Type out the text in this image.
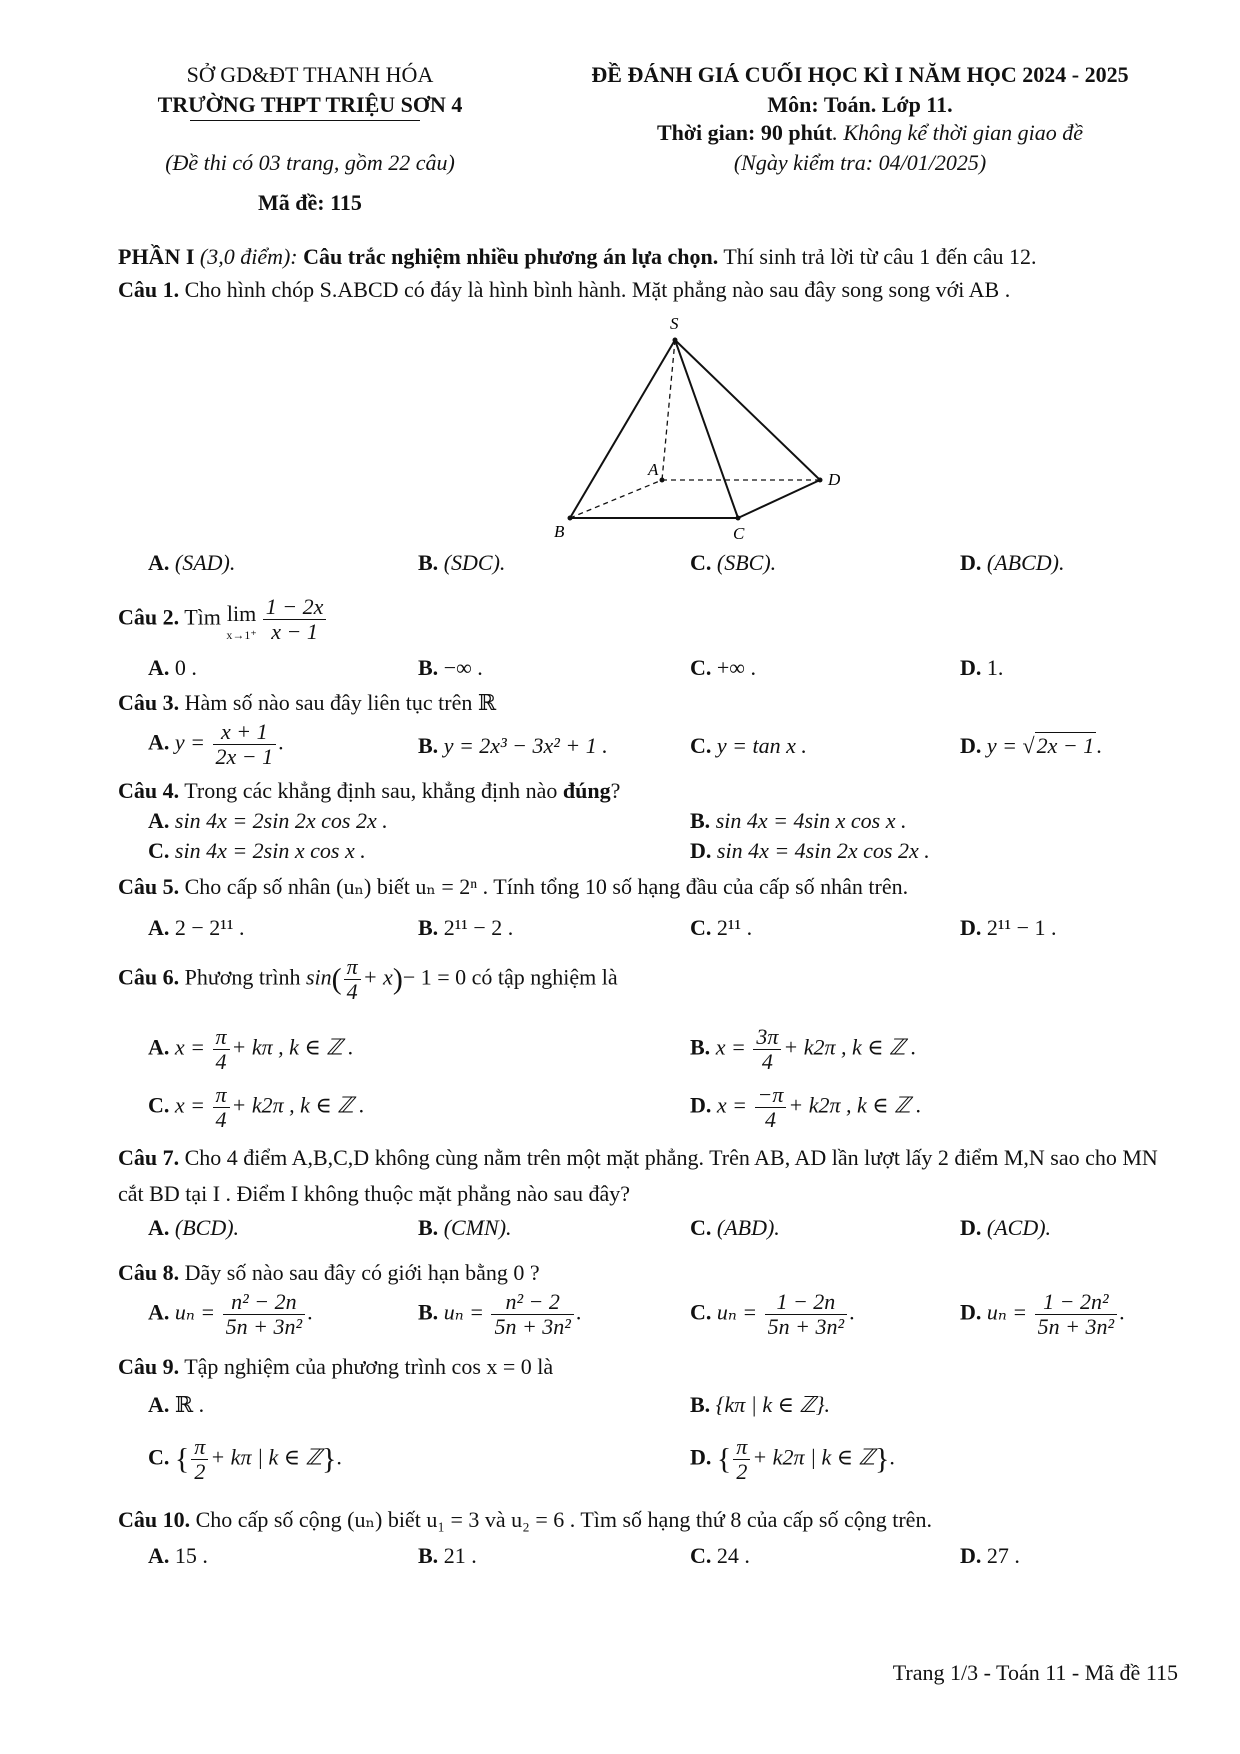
SỞ GD&ĐT THANH HÓA
TRƯỜNG THPT TRIỆU SƠN 4
(Đề thi có 03 trang, gồm 22 câu)
Mã đề: 115
ĐỀ ĐÁNH GIÁ CUỐI HỌC KÌ I NĂM HỌC 2024 - 2025
Môn: Toán. Lớp 11.
Thời gian: 90 phút. Không kể thời gian giao đề
(Ngày kiểm tra: 04/01/2025)
PHẦN I (3,0 điểm): Câu trắc nghiệm nhiều phương án lựa chọn. Thí sinh trả lời từ câu 1 đến câu 12.
Câu 1. Cho hình chóp S.ABCD có đáy là hình bình hành. Mặt phẳng nào sau đây song song với AB .
S
A
B	C
D
A. (SAD).	B. (SDC).	C. (SBC).	D. (ABCD).
Câu 2. Tìm lim
$x\to 1^+ \frac{1 - 2x}{x - 1}$
A. 0 .	B. −∞ .	C. +∞ .	D. 1.
Câu 3. Hàm số nào sau đây liên tục trên ℝ
A. $y = \frac{x + 1}{2x - 1}$ .	B. y = 2x³ − 3x² + 1 .	C. y = tan x .	D. y = √2x − 1.
Câu 4. Trong các khẳng định sau, khẳng định nào đúng?
A. sin 4x = 2sin 2x cos 2x .	B. sin 4x = 4sin x cos x .
C. sin 4x = 2sin x cos x .	D. sin 4x = 4sin 2x cos 2x .
Câu 5. Cho cấp số nhân (uₙ) biết uₙ = 2ⁿ . Tính tổng 10 số hạng đầu của cấp số nhân trên.
A. 2 − 2¹¹ .	B. 2¹¹ − 2 .	C. 2¹¹ .	D. 2¹¹ − 1 .
Câu 6. Phương trình $\sin( \frac{\pi}{4} + x)- 1 = 0$ có tập nghiệm là
A. $x = \frac{\pi}{4} + k\pi$ , k ∈ ℤ .	B. $x = \frac{3\pi}{4} + k2\pi$ , k ∈ ℤ .
C. $x = \frac{\pi}{4} + k2\pi$ , k ∈ ℤ .	D. $x = \frac{-\pi}{4} + k2\pi$ , k ∈ ℤ .
Câu 7. Cho 4 điểm A,B,C,D không cùng nằm trên một mặt phẳng. Trên AB, AD lần lượt lấy 2 điểm M,N sao cho MN cắt BD tại I . Điểm I không thuộc mặt phẳng nào sau đây?
A. (BCD).	B. (CMN).	C. (ABD).	D. (ACD).
Câu 8. Dãy số nào sau đây có giới hạn bằng 0 ?
A. $u_n = \frac{\text{n² − 2n}}{\text{5n + 3n²}}$ .	B. $u_n = \frac{\text{n² − 2}}{\text{5n + 3n²}}$ .	C. $u_n = \frac{1 - 2n}{\text{5n + 3n²}}$ .	D. $u_n = \frac{\text{1 − 2n²}}{\text{5n + 3n²}}$ .
Câu 9. Tập nghiệm của phương trình cos x = 0 là
A. ℝ .	B. {kπ | k ∈ ℤ}.
C. { $\frac{\pi}{2} + k\pi$ | k ∈ ℤ}.	D. { $\frac{\pi}{2} + k2\pi$ | k ∈ ℤ}.
Câu 10. Cho cấp số cộng (uₙ) biết u₁ = 3 và u₂ = 6 . Tìm số hạng thứ 8 của cấp số cộng trên.
A. 15 .	B. 21 .	C. 24 .	D. 27 .
Trang 1/3 - Toán 11 - Mã đề 115
